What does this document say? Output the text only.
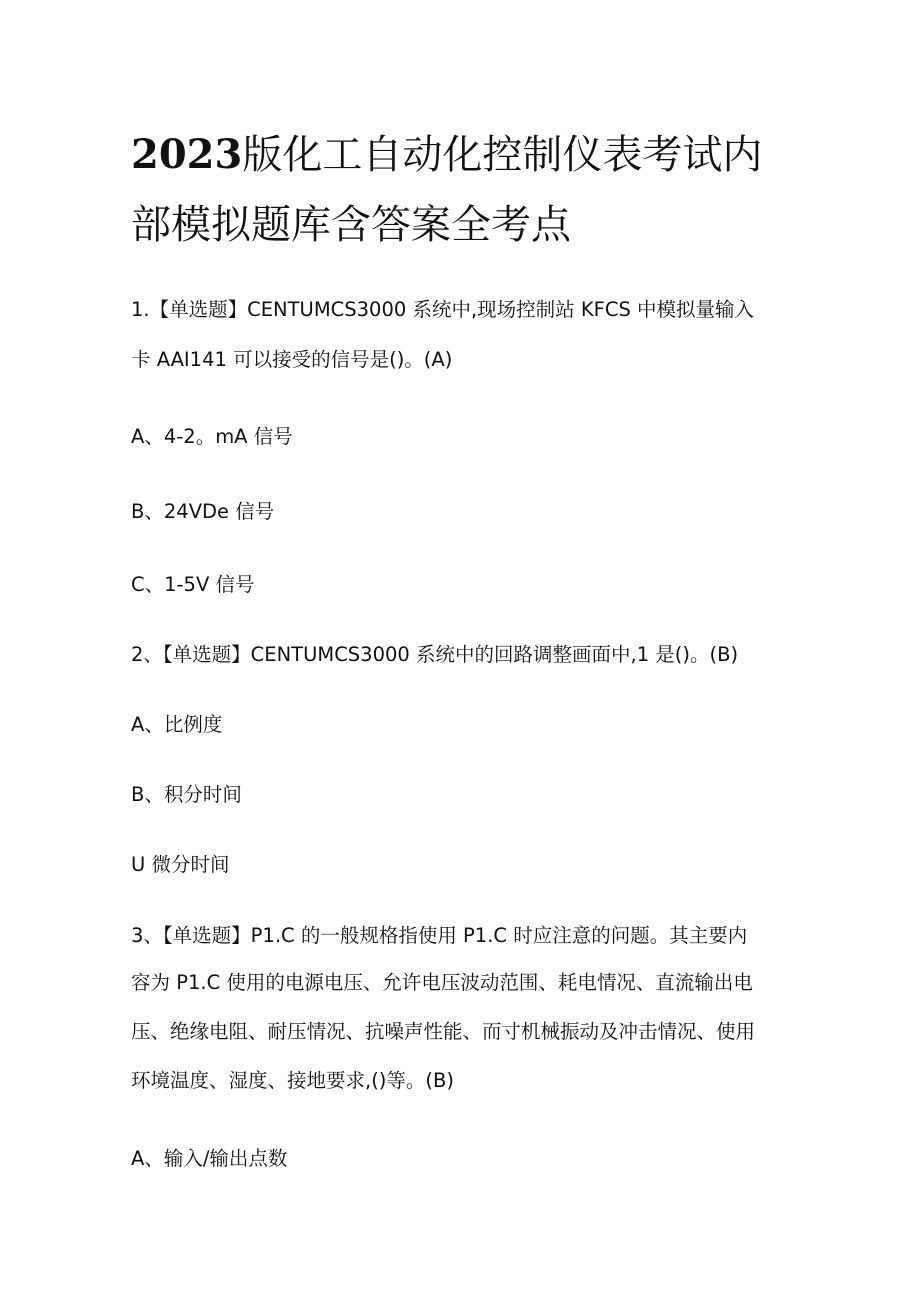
2023版化工自动化控制仪表考试内
部模拟题库含答案全考点
1.【单选题】CENTUMCS3000 系统中,现场控制站 KFCS 中模拟量输入
卡 AAI141 可以接受的信号是()。(A)
A、4-2。mA 信号
B、24VDe 信号
C、1-5V 信号
2、【单选题】CENTUMCS3000 系统中的回路调整画面中,1 是()。(B)
A、比例度
B、积分时间
U 微分时间
3、【单选题】P1.C 的一般规格指使用 P1.C 时应注意的问题。其主要内
容为 P1.C 使用的电源电压、允许电压波动范围、耗电情况、直流输出电
压、绝缘电阻、耐压情况、抗噪声性能、而寸机械振动及冲击情况、使用
环境温度、湿度、接地要求,()等。(B)
A、输入/输出点数
